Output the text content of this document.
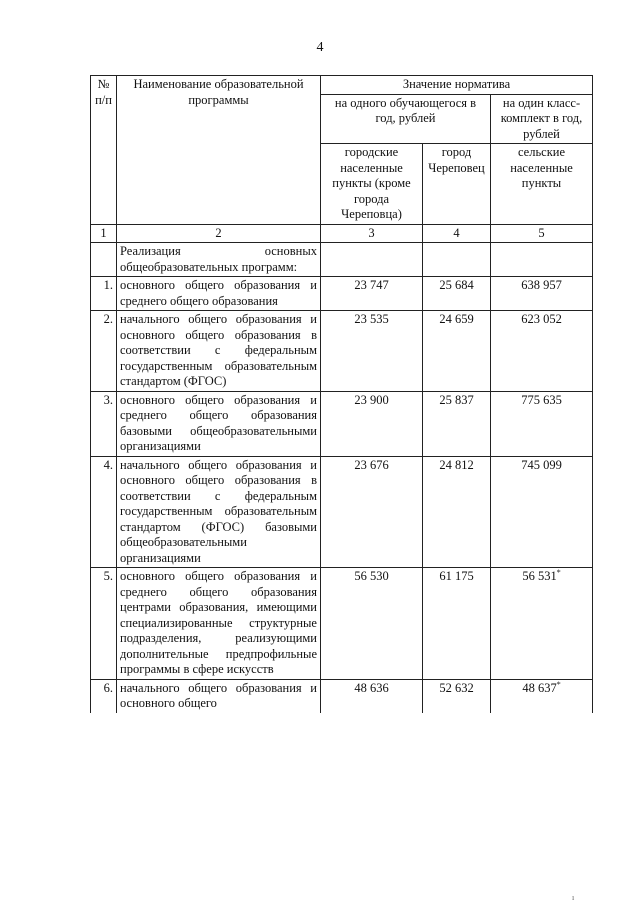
4
№ п/п	Наименование образовательной программы	Значение норматива		
		на одного обучающегося в год, рублей		на один класс-комплект в год, рублей
		городские населенные пункты (кроме города Череповца)	город Череповец	сельские населенные пункты
1	2	3	4	5
	Реализация основных общеобразовательных программ:			
1.	основного общего образования и среднего общего образования	23 747	25 684	638 957
2.	начального общего образования и основного общего образования в соответствии с федеральным государственным образовательным стандартом (ФГОС)	23 535	24 659	623 052
3.	основного общего образования и среднего общего образования базовыми общеобразовательными организациями	23 900	25 837	775 635
4.	начального общего образования и основного общего образования в соответствии с федеральным государственным образовательным стандартом (ФГОС) базовыми общеобразовательными организациями	23 676	24 812	745 099
5.	основного общего образования и среднего общего образования центрами образования, имеющими специализированные структурные подразделения, реализующими дополнительные предпрофильные программы в сфере искусств	56 530	61 175	56 531*
6.	начального общего образования и основного общего	48 636	52 632	48 637*
ı
